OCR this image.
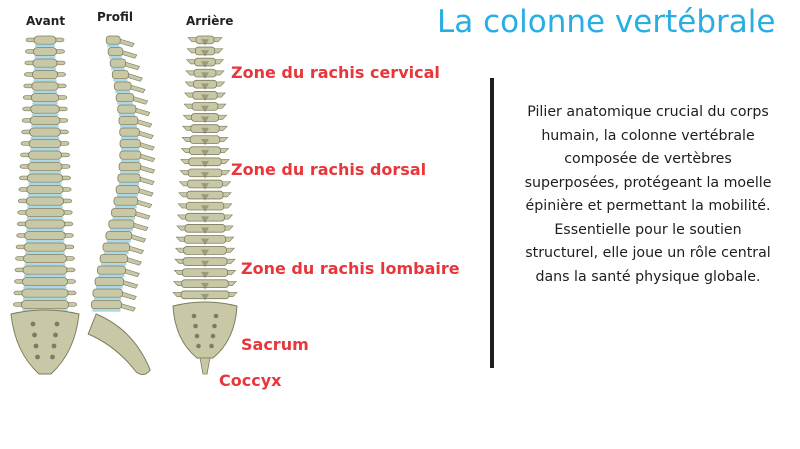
Avant	Profil	Arrière
Zone du rachis cervical
Zone du rachis dorsal
Zone du rachis lombaire
Sacrum
Coccyx
La colonne vertébrale
Pilier anatomique crucial du corps humain, la colonne vertébrale composée de vertèbres superposées, protégeant la moelle épinière et permettant la mobilité. Essentielle pour le soutien structurel, elle joue un rôle central dans la santé physique globale.
